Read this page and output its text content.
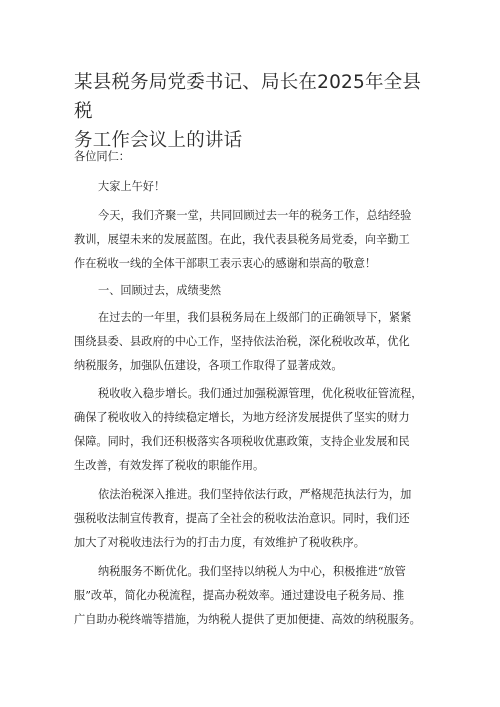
某县税务局党委书记、局长在2025年全县税
务工作会议上的讲话
各位同仁：
大家上午好！
今天，我们齐聚一堂，共同回顾过去一年的税务工作，总结经验
教训，展望未来的发展蓝图。在此，我代表县税务局党委，向辛勤工
作在税收一线的全体干部职工表示衷心的感谢和崇高的敬意！
一、回顾过去，成绩斐然
在过去的一年里，我们县税务局在上级部门的正确领导下，紧紧
围绕县委、县政府的中心工作，坚持依法治税，深化税收改革，优化
纳税服务，加强队伍建设，各项工作取得了显著成效。
税收收入稳步增长。我们通过加强税源管理，优化税收征管流程，
确保了税收收入的持续稳定增长，为地方经济发展提供了坚实的财力
保障。同时，我们还积极落实各项税收优惠政策，支持企业发展和民
生改善，有效发挥了税收的职能作用。
依法治税深入推进。我们坚持依法行政，严格规范执法行为，加
强税收法制宣传教育，提高了全社会的税收法治意识。同时，我们还
加大了对税收违法行为的打击力度，有效维护了税收秩序。
纳税服务不断优化。我们坚持以纳税人为中心，积极推进“放管
服”改革，简化办税流程，提高办税效率。通过建设电子税务局、推
广自助办税终端等措施，为纳税人提供了更加便捷、高效的纳税服务。
